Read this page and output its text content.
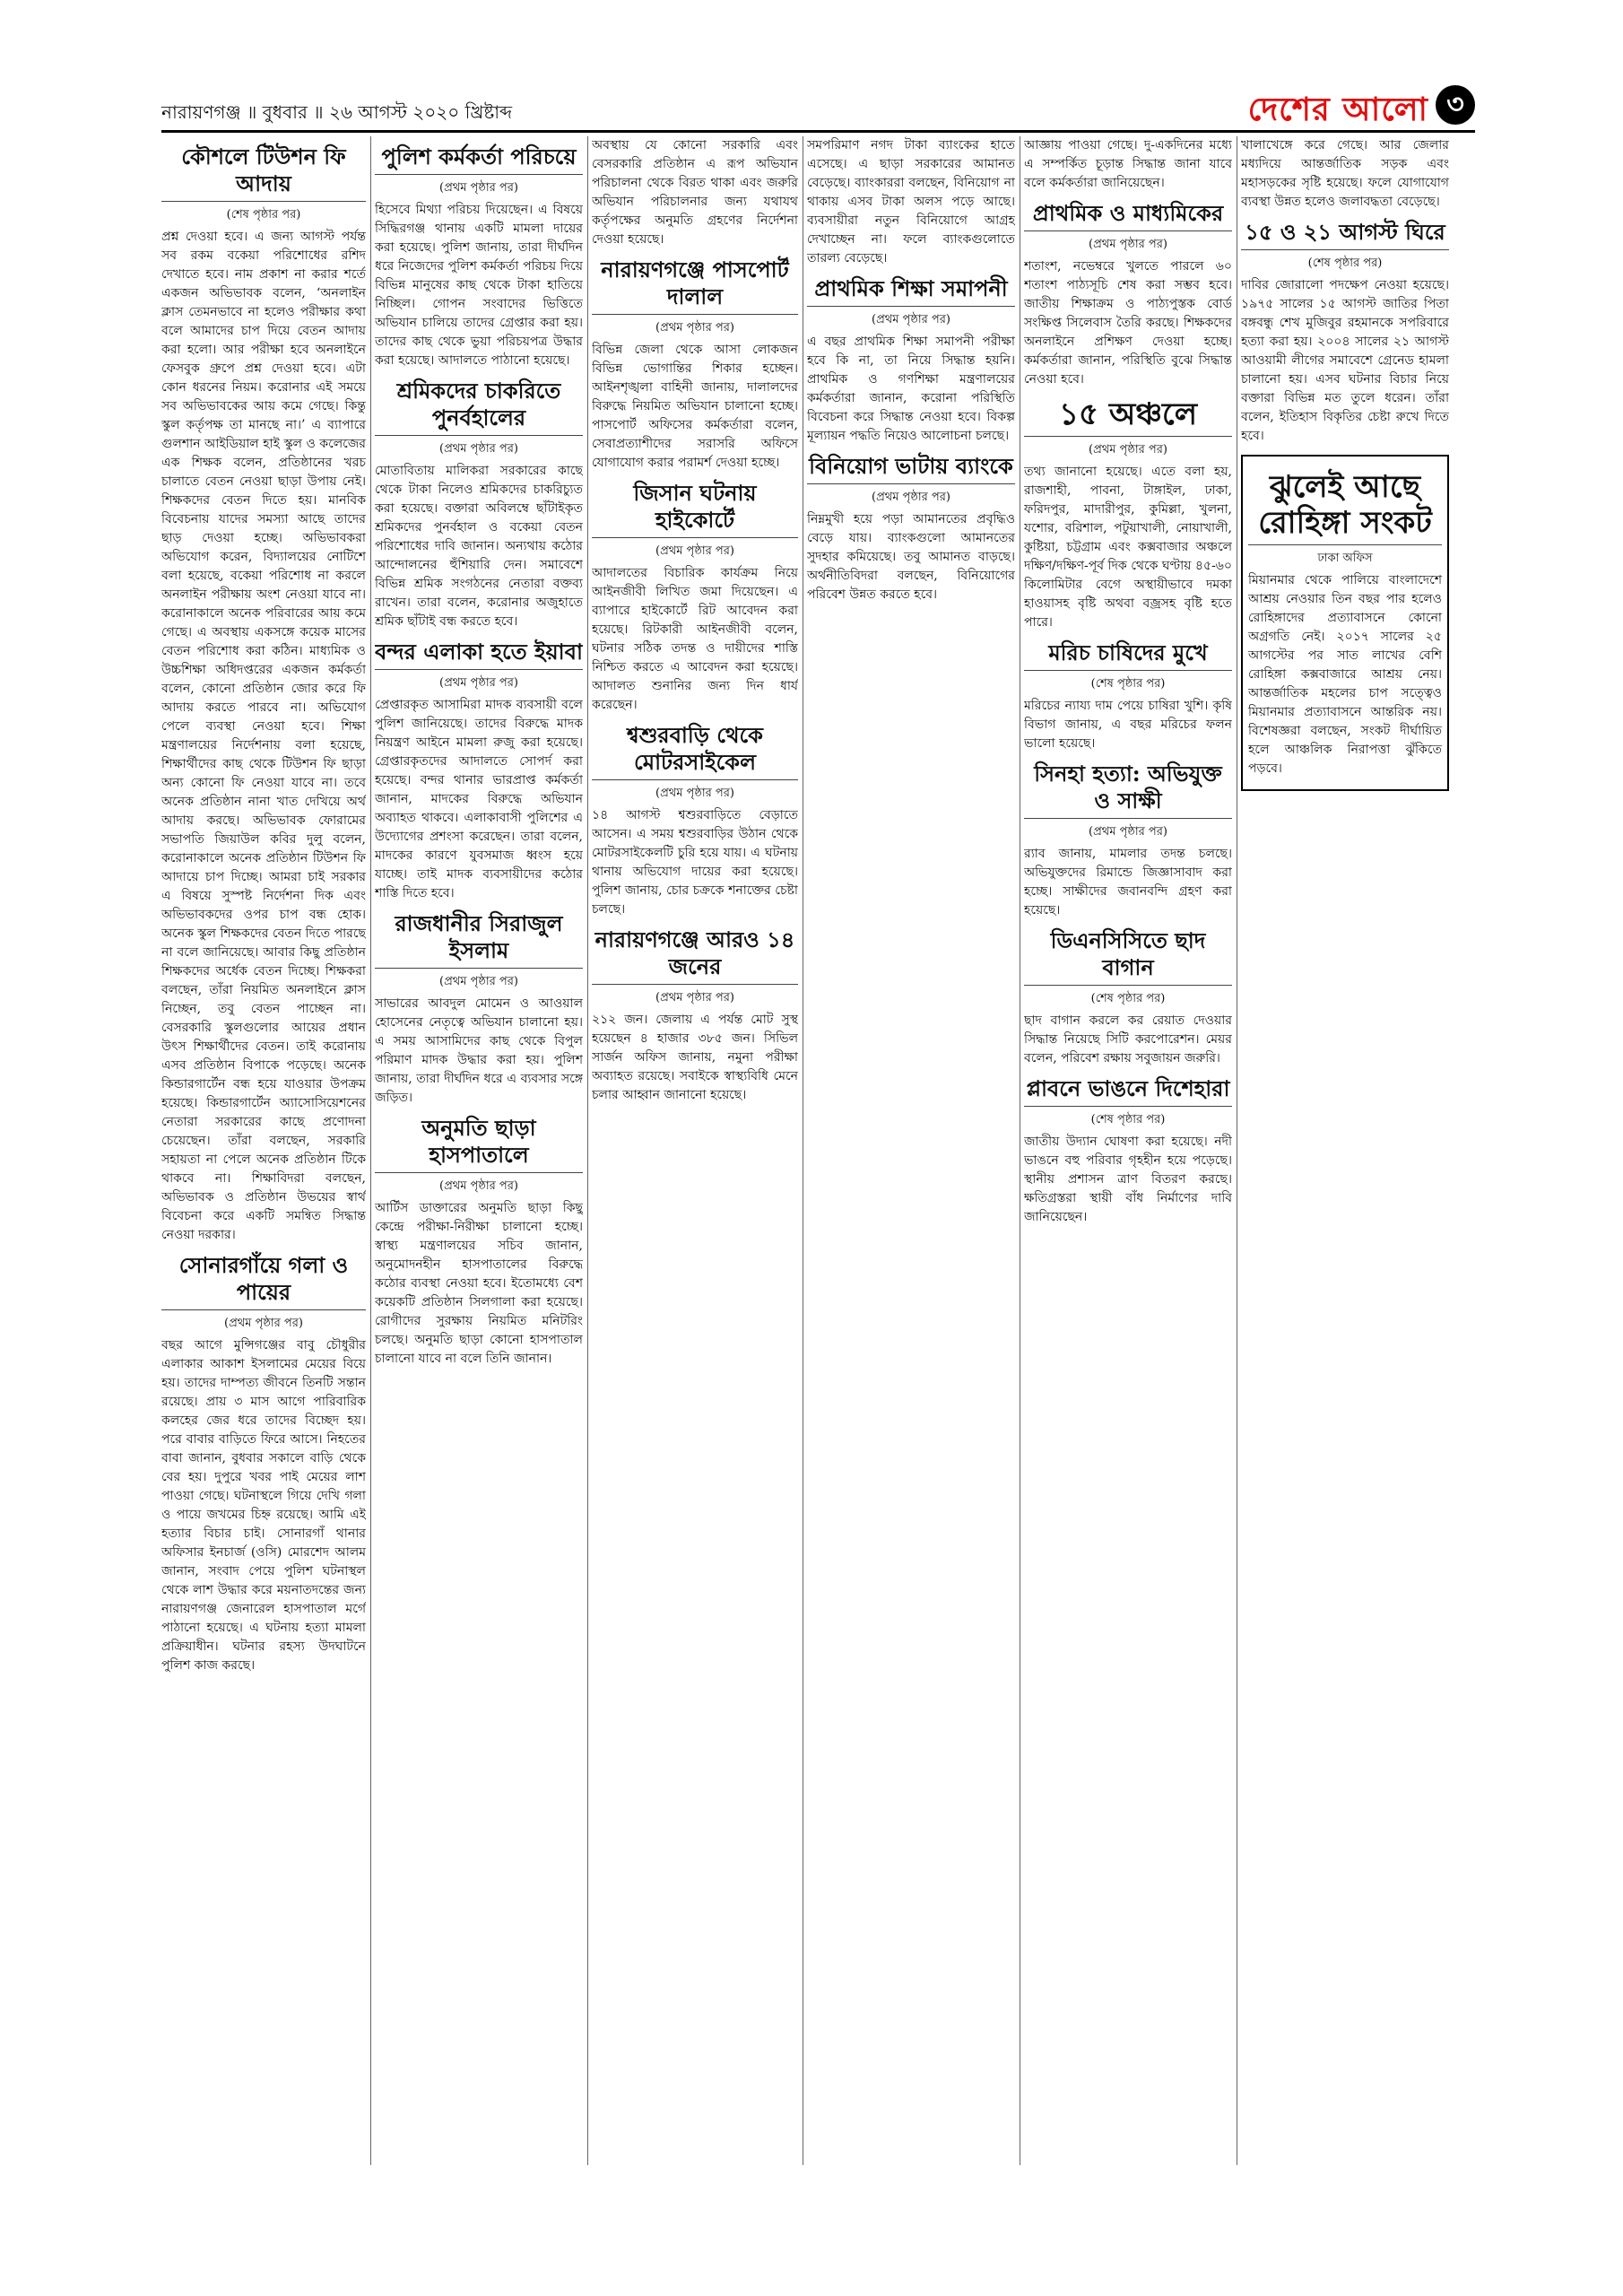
নারায়ণগঞ্জ ॥ বুধবার ॥ ২৬ আগস্ট ২০২০ খ্রিষ্টাব্দ	দেশের আলো ৩
কৌশলে টিউশন ফি আদায়
(শেষ পৃষ্ঠার পর)
প্রশ্ন দেওয়া হবে। এ জন্য আগস্ট পর্যন্ত সব রকম বকেয়া পরিশোধের রশিদ দেখাতে হবে। নাম প্রকাশ না করার শর্তে একজন অভিভাবক বলেন, ‘অনলাইন ক্লাস তেমনভাবে না হলেও পরীক্ষার কথা বলে আমাদের চাপ দিয়ে বেতন আদায় করা হলো। আর পরীক্ষা হবে অনলাইনে ফেসবুক গ্রুপে প্রশ্ন দেওয়া হবে। এটা কোন ধরনের নিয়ম। করোনার এই সময়ে সব অভিভাবকের আয় কমে গেছে। কিন্তু স্কুল কর্তৃপক্ষ তা মানছে না।’ এ ব্যাপারে গুলশান আইডিয়াল হাই স্কুল ও কলেজের এক শিক্ষক বলেন, প্রতিষ্ঠানের খরচ চালাতে বেতন নেওয়া ছাড়া উপায় নেই। শিক্ষকদের বেতন দিতে হয়। মানবিক বিবেচনায় যাদের সমস্যা আছে তাদের ছাড় দেওয়া হচ্ছে। অভিভাবকরা অভিযোগ করেন, বিদ্যালয়ের নোটিশে বলা হয়েছে, বকেয়া পরিশোধ না করলে অনলাইন পরীক্ষায় অংশ নেওয়া যাবে না। করোনাকালে অনেক পরিবারের আয় কমে গেছে। এ অবস্থায় একসঙ্গে কয়েক মাসের বেতন পরিশোধ করা কঠিন। মাধ্যমিক ও উচ্চশিক্ষা অধিদপ্তরের একজন কর্মকর্তা বলেন, কোনো প্রতিষ্ঠান জোর করে ফি আদায় করতে পারবে না। অভিযোগ পেলে ব্যবস্থা নেওয়া হবে। শিক্ষা মন্ত্রণালয়ের নির্দেশনায় বলা হয়েছে, শিক্ষার্থীদের কাছ থেকে টিউশন ফি ছাড়া অন্য কোনো ফি নেওয়া যাবে না। তবে অনেক প্রতিষ্ঠান নানা খাত দেখিয়ে অর্থ আদায় করছে। অভিভাবক ফোরামের সভাপতি জিয়াউল কবির দুলু বলেন, করোনাকালে অনেক প্রতিষ্ঠান টিউশন ফি আদায়ে চাপ দিচ্ছে। আমরা চাই সরকার এ বিষয়ে সুস্পষ্ট নির্দেশনা দিক এবং অভিভাবকদের ওপর চাপ বন্ধ হোক। অনেক স্কুল শিক্ষকদের বেতন দিতে পারছে না বলে জানিয়েছে। আবার কিছু প্রতিষ্ঠান শিক্ষকদের অর্ধেক বেতন দিচ্ছে। শিক্ষকরা বলছেন, তাঁরা নিয়মিত অনলাইনে ক্লাস নিচ্ছেন, তবু বেতন পাচ্ছেন না। বেসরকারি স্কুলগুলোর আয়ের প্রধান উৎস শিক্ষার্থীদের বেতন। তাই করোনায় এসব প্রতিষ্ঠান বিপাকে পড়েছে। অনেক কিন্ডারগার্টেন বন্ধ হয়ে যাওয়ার উপক্রম হয়েছে। কিন্ডারগার্টেন অ্যাসোসিয়েশনের নেতারা সরকারের কাছে প্রণোদনা চেয়েছেন। তাঁরা বলছেন, সরকারি সহায়তা না পেলে অনেক প্রতিষ্ঠান টিকে থাকবে না। শিক্ষাবিদরা বলছেন, অভিভাবক ও প্রতিষ্ঠান উভয়ের স্বার্থ বিবেচনা করে একটি সমন্বিত সিদ্ধান্ত নেওয়া দরকার।
সোনারগাঁয়ে গলা ও পায়ের
(প্রথম পৃষ্ঠার পর)
বছর আগে মুন্সিগঞ্জের বাবু চৌধুরীর এলাকার আকাশ ইসলামের মেয়ের বিয়ে হয়। তাদের দাম্পত্য জীবনে তিনটি সন্তান রয়েছে। প্রায় ৩ মাস আগে পারিবারিক কলহের জের ধরে তাদের বিচ্ছেদ হয়। পরে বাবার বাড়িতে ফিরে আসে। নিহতের বাবা জানান, বুধবার সকালে বাড়ি থেকে বের হয়। দুপুরে খবর পাই মেয়ের লাশ পাওয়া গেছে। ঘটনাস্থলে গিয়ে দেখি গলা ও পায়ে জখমের চিহ্ন রয়েছে। আমি এই হত্যার বিচার চাই। সোনারগাঁ থানার অফিসার ইনচার্জ (ওসি) মোরশেদ আলম জানান, সংবাদ পেয়ে পুলিশ ঘটনাস্থল থেকে লাশ উদ্ধার করে ময়নাতদন্তের জন্য নারায়ণগঞ্জ জেনারেল হাসপাতাল মর্গে পাঠানো হয়েছে। এ ঘটনায় হত্যা মামলা প্রক্রিয়াধীন। ঘটনার রহস্য উদঘাটনে পুলিশ কাজ করছে।
পুলিশ কর্মকর্তা পরিচয়ে
(প্রথম পৃষ্ঠার পর)
হিসেবে মিথ্যা পরিচয় দিয়েছেন। এ বিষয়ে সিদ্ধিরগঞ্জ থানায় একটি মামলা দায়ের করা হয়েছে। পুলিশ জানায়, তারা দীর্ঘদিন ধরে নিজেদের পুলিশ কর্মকর্তা পরিচয় দিয়ে বিভিন্ন মানুষের কাছ থেকে টাকা হাতিয়ে নিচ্ছিল। গোপন সংবাদের ভিত্তিতে অভিযান চালিয়ে তাদের গ্রেপ্তার করা হয়। তাদের কাছ থেকে ভুয়া পরিচয়পত্র উদ্ধার করা হয়েছে। আদালতে পাঠানো হয়েছে।
শ্রমিকদের চাকরিতে পুনর্বহালের
(প্রথম পৃষ্ঠার পর)
মোতাবিতায় মালিকরা সরকারের কাছে থেকে টাকা নিলেও শ্রমিকদের চাকরিচ্যুত করা হয়েছে। বক্তারা অবিলম্বে ছাঁটাইকৃত শ্রমিকদের পুনর্বহাল ও বকেয়া বেতন পরিশোধের দাবি জানান। অন্যথায় কঠোর আন্দোলনের হুঁশিয়ারি দেন। সমাবেশে বিভিন্ন শ্রমিক সংগঠনের নেতারা বক্তব্য রাখেন। তারা বলেন, করোনার অজুহাতে শ্রমিক ছাঁটাই বন্ধ করতে হবে।
বন্দর এলাকা হতে ইয়াবা
(প্রথম পৃষ্ঠার পর)
প্রেপ্তারকৃত আসামিরা মাদক ব্যবসায়ী বলে পুলিশ জানিয়েছে। তাদের বিরুদ্ধে মাদক নিয়ন্ত্রণ আইনে মামলা রুজু করা হয়েছে। গ্রেপ্তারকৃতদের আদালতে সোপর্দ করা হয়েছে। বন্দর থানার ভারপ্রাপ্ত কর্মকর্তা জানান, মাদকের বিরুদ্ধে অভিযান অব্যাহত থাকবে। এলাকাবাসী পুলিশের এ উদ্যোগের প্রশংসা করেছেন। তারা বলেন, মাদকের কারণে যুবসমাজ ধ্বংস হয়ে যাচ্ছে। তাই মাদক ব্যবসায়ীদের কঠোর শাস্তি দিতে হবে।
রাজধানীর সিরাজুল ইসলাম
(প্রথম পৃষ্ঠার পর)
সাভারের আবদুল মোমেন ও আওয়াল হোসেনের নেতৃত্বে অভিযান চালানো হয়। এ সময় আসামিদের কাছ থেকে বিপুল পরিমাণ মাদক উদ্ধার করা হয়। পুলিশ জানায়, তারা দীর্ঘদিন ধরে এ ব্যবসার সঙ্গে জড়িত।
অনুমতি ছাড়া হাসপাতালে
(প্রথম পৃষ্ঠার পর)
আর্টিস ডাক্তারের অনুমতি ছাড়া কিছু কেন্দ্রে পরীক্ষা-নিরীক্ষা চালানো হচ্ছে। স্বাস্থ্য মন্ত্রণালয়ের সচিব জানান, অনুমোদনহীন হাসপাতালের বিরুদ্ধে কঠোর ব্যবস্থা নেওয়া হবে। ইতোমধ্যে বেশ কয়েকটি প্রতিষ্ঠান সিলগালা করা হয়েছে। রোগীদের সুরক্ষায় নিয়মিত মনিটরিং চলছে। অনুমতি ছাড়া কোনো হাসপাতাল চালানো যাবে না বলে তিনি জানান।
অবস্থায় যে কোনো সরকারি এবং বেসরকারি প্রতিষ্ঠান এ রূপ অভিযান পরিচালনা থেকে বিরত থাকা এবং জরুরি অভিযান পরিচালনার জন্য যথাযথ কর্তৃপক্ষের অনুমতি গ্রহণের নির্দেশনা দেওয়া হয়েছে।
নারায়ণগঞ্জে পাসপোর্ট দালাল
(প্রথম পৃষ্ঠার পর)
বিভিন্ন জেলা থেকে আসা লোকজন বিভিন্ন ভোগান্তির শিকার হচ্ছেন। আইনশৃঙ্খলা বাহিনী জানায়, দালালদের বিরুদ্ধে নিয়মিত অভিযান চালানো হচ্ছে। পাসপোর্ট অফিসের কর্মকর্তারা বলেন, সেবাপ্রত্যাশীদের সরাসরি অফিসে যোগাযোগ করার পরামর্শ দেওয়া হচ্ছে।
জিসান ঘটনায় হাইকোর্টে
(প্রথম পৃষ্ঠার পর)
আদালতের বিচারিক কার্যক্রম নিয়ে আইনজীবী লিখিত জমা দিয়েছেন। এ ব্যাপারে হাইকোর্টে রিট আবেদন করা হয়েছে। রিটকারী আইনজীবী বলেন, ঘটনার সঠিক তদন্ত ও দায়ীদের শাস্তি নিশ্চিত করতে এ আবেদন করা হয়েছে। আদালত শুনানির জন্য দিন ধার্য করেছেন।
শ্বশুরবাড়ি থেকে মোটরসাইকেল
(প্রথম পৃষ্ঠার পর)
১৪ আগস্ট শ্বশুরবাড়িতে বেড়াতে আসেন। এ সময় শ্বশুরবাড়ির উঠান থেকে মোটরসাইকেলটি চুরি হয়ে যায়। এ ঘটনায় থানায় অভিযোগ দায়ের করা হয়েছে। পুলিশ জানায়, চোর চক্রকে শনাক্তের চেষ্টা চলছে।
নারায়ণগঞ্জে আরও ১৪ জনের
(প্রথম পৃষ্ঠার পর)
২১২ জন। জেলায় এ পর্যন্ত মোট সুস্থ হয়েছেন ৪ হাজার ৩৮৫ জন। সিভিল সার্জন অফিস জানায়, নমুনা পরীক্ষা অব্যাহত রয়েছে। সবাইকে স্বাস্থ্যবিধি মেনে চলার আহ্বান জানানো হয়েছে।
সমপরিমাণ নগদ টাকা ব্যাংকের হাতে এসেছে। এ ছাড়া সরকারের আমানত বেড়েছে। ব্যাংকাররা বলছেন, বিনিয়োগ না থাকায় এসব টাকা অলস পড়ে আছে। ব্যবসায়ীরা নতুন বিনিয়োগে আগ্রহ দেখাচ্ছেন না। ফলে ব্যাংকগুলোতে তারল্য বেড়েছে।
প্রাথমিক শিক্ষা সমাপনী
(প্রথম পৃষ্ঠার পর)
এ বছর প্রাথমিক শিক্ষা সমাপনী পরীক্ষা হবে কি না, তা নিয়ে সিদ্ধান্ত হয়নি। প্রাথমিক ও গণশিক্ষা মন্ত্রণালয়ের কর্মকর্তারা জানান, করোনা পরিস্থিতি বিবেচনা করে সিদ্ধান্ত নেওয়া হবে। বিকল্প মূল্যায়ন পদ্ধতি নিয়েও আলোচনা চলছে।
বিনিয়োগ ভাটায় ব্যাংকে
(প্রথম পৃষ্ঠার পর)
নিম্নমুখী হয়ে পড়া আমানতের প্রবৃদ্ধিও বেড়ে যায়। ব্যাংকগুলো আমানতের সুদহার কমিয়েছে। তবু আমানত বাড়ছে। অর্থনীতিবিদরা বলছেন, বিনিয়োগের পরিবেশ উন্নত করতে হবে।
আজ্ঞায় পাওয়া গেছে। দু-একদিনের মধ্যে এ সম্পর্কিত চূড়ান্ত সিদ্ধান্ত জানা যাবে বলে কর্মকর্তারা জানিয়েছেন।
প্রাথমিক ও মাধ্যমিকের
(প্রথম পৃষ্ঠার পর)
শতাংশ, নভেম্বরে খুলতে পারলে ৬০ শতাংশ পাঠ্যসূচি শেষ করা সম্ভব হবে। জাতীয় শিক্ষাক্রম ও পাঠ্যপুস্তক বোর্ড সংক্ষিপ্ত সিলেবাস তৈরি করছে। শিক্ষকদের অনলাইনে প্রশিক্ষণ দেওয়া হচ্ছে। কর্মকর্তারা জানান, পরিস্থিতি বুঝে সিদ্ধান্ত নেওয়া হবে।
১৫ অঞ্চলে
(প্রথম পৃষ্ঠার পর)
তথ্য জানানো হয়েছে। এতে বলা হয়, রাজশাহী, পাবনা, টাঙ্গাইল, ঢাকা, ফরিদপুর, মাদারীপুর, কুমিল্লা, খুলনা, যশোর, বরিশাল, পটুয়াখালী, নোয়াখালী, কুষ্টিয়া, চট্টগ্রাম এবং কক্সবাজার অঞ্চলে দক্ষিণ/দক্ষিণ-পূর্ব দিক থেকে ঘণ্টায় ৪৫-৬০ কিলোমিটার বেগে অস্থায়ীভাবে দমকা হাওয়াসহ বৃষ্টি অথবা বজ্রসহ বৃষ্টি হতে পারে।
মরিচ চাষিদের মুখে
(শেষ পৃষ্ঠার পর)
মরিচের ন্যায্য দাম পেয়ে চাষিরা খুশি। কৃষি বিভাগ জানায়, এ বছর মরিচের ফলন ভালো হয়েছে।
সিনহা হত্যা: অভিযুক্ত ও সাক্ষী
(প্রথম পৃষ্ঠার পর)
র‍্যাব জানায়, মামলার তদন্ত চলছে। অভিযুক্তদের রিমান্ডে জিজ্ঞাসাবাদ করা হচ্ছে। সাক্ষীদের জবানবন্দি গ্রহণ করা হয়েছে।
ডিএনসিসিতে ছাদ বাগান
(শেষ পৃষ্ঠার পর)
ছাদ বাগান করলে কর রেয়াত দেওয়ার সিদ্ধান্ত নিয়েছে সিটি করপোরেশন। মেয়র বলেন, পরিবেশ রক্ষায় সবুজায়ন জরুরি।
প্লাবনে ভাঙনে দিশেহারা
(শেষ পৃষ্ঠার পর)
জাতীয় উদ্যান ঘোষণা করা হয়েছে। নদী ভাঙনে বহু পরিবার গৃহহীন হয়ে পড়েছে। স্থানীয় প্রশাসন ত্রাণ বিতরণ করছে। ক্ষতিগ্রস্তরা স্থায়ী বাঁধ নির্মাণের দাবি জানিয়েছেন।
খালাখেঙ্গে করে গেছে। আর জেলার মধ্যদিয়ে আন্তর্জাতিক সড়ক এবং মহাসড়কের সৃষ্টি হয়েছে। ফলে যোগাযোগ ব্যবস্থা উন্নত হলেও জলাবদ্ধতা বেড়েছে।
১৫ ও ২১ আগস্ট ঘিরে
(শেষ পৃষ্ঠার পর)
দাবির জোরালো পদক্ষেপ নেওয়া হয়েছে। ১৯৭৫ সালের ১৫ আগস্ট জাতির পিতা বঙ্গবন্ধু শেখ মুজিবুর রহমানকে সপরিবারে হত্যা করা হয়। ২০০৪ সালের ২১ আগস্ট আওয়ামী লীগের সমাবেশে গ্রেনেড হামলা চালানো হয়। এসব ঘটনার বিচার নিয়ে বক্তারা বিভিন্ন মত তুলে ধরেন। তাঁরা বলেন, ইতিহাস বিকৃতির চেষ্টা রুখে দিতে হবে।
ঝুলেই আছে রোহিঙ্গা সংকট
ঢাকা অফিস
মিয়ানমার থেকে পালিয়ে বাংলাদেশে আশ্রয় নেওয়ার তিন বছর পার হলেও রোহিঙ্গাদের প্রত্যাবাসনে কোনো অগ্রগতি নেই। ২০১৭ সালের ২৫ আগস্টের পর সাত লাখের বেশি রোহিঙ্গা কক্সবাজারে আশ্রয় নেয়। আন্তর্জাতিক মহলের চাপ সত্ত্বেও মিয়ানমার প্রত্যাবাসনে আন্তরিক নয়। বিশেষজ্ঞরা বলছেন, সংকট দীর্ঘায়িত হলে আঞ্চলিক নিরাপত্তা ঝুঁকিতে পড়বে।
